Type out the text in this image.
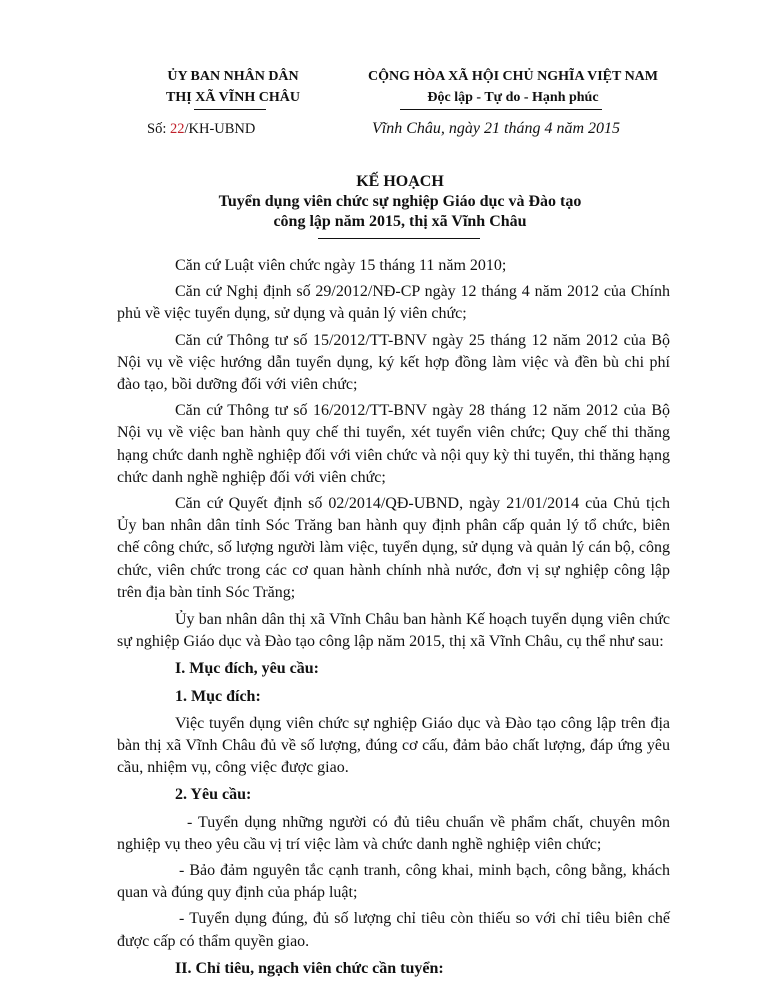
ỦY BAN NHÂN DÂN
THỊ XÃ VĨNH CHÂU
CỘNG HÒA XÃ HỘI CHỦ NGHĨA VIỆT NAM
Độc lập - Tự do - Hạnh phúc
Số: 22/KH-UBND	Vĩnh Châu, ngày 21 tháng 4 năm 2015
KẾ HOẠCH
Tuyển dụng viên chức sự nghiệp Giáo dục và Đào tạo
công lập năm 2015, thị xã Vĩnh Châu
Căn cứ Luật viên chức ngày 15 tháng 11 năm 2010;
Căn cứ Nghị định số 29/2012/NĐ-CP ngày 12 tháng 4 năm 2012 của Chính phủ về việc tuyển dụng, sử dụng và quản lý viên chức;
Căn cứ Thông tư số 15/2012/TT-BNV ngày 25 tháng 12 năm 2012 của Bộ Nội vụ về việc hướng dẫn tuyển dụng, ký kết hợp đồng làm việc và đền bù chi phí đào tạo, bồi dưỡng đối với viên chức;
Căn cứ Thông tư số 16/2012/TT-BNV ngày 28 tháng 12 năm 2012 của Bộ Nội vụ về việc ban hành quy chế thi tuyển, xét tuyển viên chức; Quy chế thi thăng hạng chức danh nghề nghiệp đối với viên chức và nội quy kỳ thi tuyển, thi thăng hạng chức danh nghề nghiệp đối với viên chức;
Căn cứ Quyết định số 02/2014/QĐ-UBND, ngày 21/01/2014 của Chủ tịch Ủy ban nhân dân tỉnh Sóc Trăng ban hành quy định phân cấp quản lý tổ chức, biên chế công chức, số lượng người làm việc, tuyển dụng, sử dụng và quản lý cán bộ, công chức, viên chức trong các cơ quan hành chính nhà nước, đơn vị sự nghiệp công lập trên địa bàn tỉnh Sóc Trăng;
Ủy ban nhân dân thị xã Vĩnh Châu ban hành Kế hoạch tuyển dụng viên chức sự nghiệp Giáo dục và Đào tạo công lập năm 2015, thị xã Vĩnh Châu, cụ thể như sau:
I. Mục đích, yêu cầu:
1. Mục đích:
Việc tuyển dụng viên chức sự nghiệp Giáo dục và Đào tạo công lập trên địa bàn thị xã Vĩnh Châu đủ về số lượng, đúng cơ cấu, đảm bảo chất lượng, đáp ứng yêu cầu, nhiệm vụ, công việc được giao.
2. Yêu cầu:
- Tuyển dụng những người có đủ tiêu chuẩn về phẩm chất, chuyên môn nghiệp vụ theo yêu cầu vị trí việc làm và chức danh nghề nghiệp viên chức;
- Bảo đảm nguyên tắc cạnh tranh, công khai, minh bạch, công bằng, khách quan và đúng quy định của pháp luật;
- Tuyển dụng đúng, đủ số lượng chỉ tiêu còn thiếu so với chỉ tiêu biên chế được cấp có thẩm quyền giao.
II. Chỉ tiêu, ngạch viên chức cần tuyển:
